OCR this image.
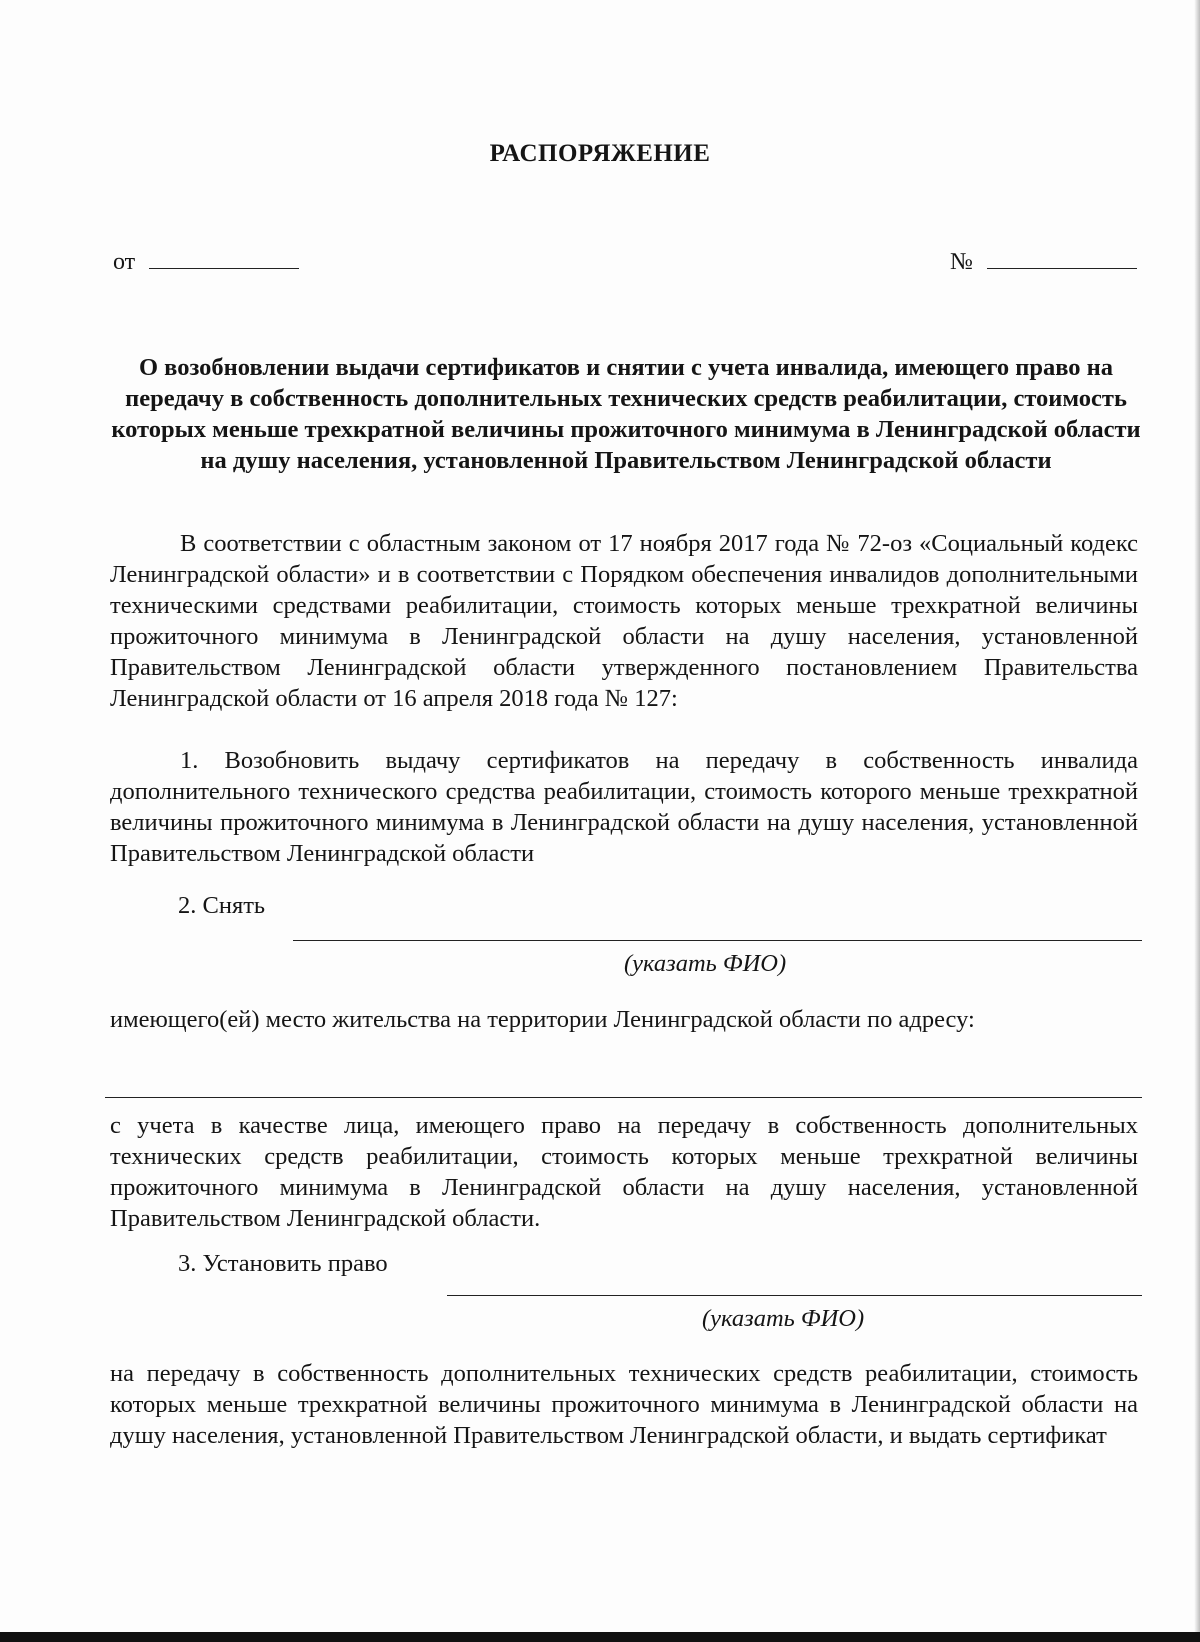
РАСПОРЯЖЕНИЕ
от	№
О возобновлении выдачи сертификатов и снятии с учета инвалида, имеющего право на передачу в собственность дополнительных технических средств реабилитации, стоимость которых меньше трехкратной величины прожиточного минимума в Ленинградской области на душу населения, установленной Правительством Ленинградской области
В соответствии с областным законом от 17 ноября 2017 года № 72-оз «Социальный кодекс Ленинградской области» и в соответствии с Порядком обеспечения инвалидов дополнительными техническими средствами реабилитации, стоимость которых меньше трехкратной величины прожиточного минимума в Ленинградской области на душу населения, установленной Правительством Ленинградской области утвержденного постановлением Правительства Ленинградской области от 16 апреля 2018 года № 127:
1. Возобновить выдачу сертификатов на передачу в собственность инвалида дополнительного технического средства реабилитации, стоимость которого меньше трехкратной величины прожиточного минимума в Ленинградской области на душу населения, установленной Правительством Ленинградской области
2. Снять
(указать ФИО)
имеющего(ей) место жительства на территории Ленинградской области по адресу:
с учета в качестве лица, имеющего право на передачу в собственность дополнительных технических средств реабилитации, стоимость которых меньше трехкратной величины прожиточного минимума в Ленинградской области на душу населения, установленной Правительством Ленинградской области.
3. Установить право
(указать ФИО)
на передачу в собственность дополнительных технических средств реабилитации, стоимость которых меньше трехкратной величины прожиточного минимума в Ленинградской области на душу населения, установленной Правительством Ленинградской области, и выдать сертификат
